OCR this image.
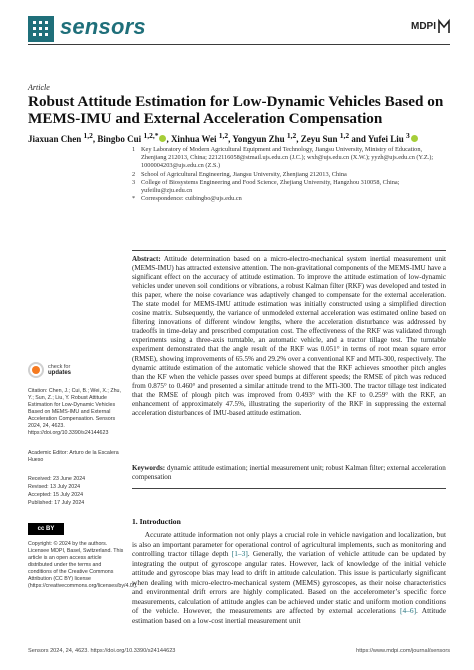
sensors	MDPI
Article
Robust Attitude Estimation for Low-Dynamic Vehicles Based on MEMS-IMU and External Acceleration Compensation
Jiaxuan Chen $^{1,2}$, Bingbo Cui $^{1,2,*}$ , Xinhua Wei $^{1,2}$, Yongyun Zhu $^{1,2}$, Zeyu Sun $^{1,2}$ and Yufei Liu $^3$
1 Key Laboratory of Modern Agricultural Equipment and Technology, Jiangsu University, Ministry of Education, Zhenjiang 212013, China; 2212116058@stmail.ujs.edu.cn (J.C.); wxh@ujs.edu.cn (X.W.); yyzh@ujs.edu.cn (Y.Z.); 1000004203@ujs.edu.cn (Z.S.)
2 School of Agricultural Engineering, Jiangsu University, Zhenjiang 212013, China
3 College of Biosystems Engineering and Food Science, Zhejiang University, Hangzhou 310058, China; yufeiliu@zju.edu.cn
* Correspondence: cuibingbo@ujs.edu.cn
Abstract: Attitude determination based on a micro-electro-mechanical system inertial measurement unit (MEMS-IMU) has attracted extensive attention. The non-gravitational components of the MEMS-IMU have a significant effect on the accuracy of attitude estimation. To improve the attitude estimation of low-dynamic vehicles under uneven soil conditions or vibrations, a robust Kalman filter (RKF) was developed and tested in this paper, where the noise covariance was adaptively changed to compensate for the external acceleration. The state model for MEMS-IMU attitude estimation was initially constructed using a simplified direction cosine matrix. Subsequently, the variance of unmodeled external acceleration was estimated online based on filtering innovations of different window lengths, where the acceleration disturbance was addressed by tradeoffs in time-delay and prescribed computation cost. The effectiveness of the RKF was validated through experiments using a three-axis turntable, an automatic vehicle, and a tractor tillage test. The turntable experiment demonstrated that the angle result of the RKF was 0.051° in terms of root mean square error (RMSE), showing improvements of 65.5% and 29.2% over a conventional KF and MTi-300, respectively. The dynamic attitude estimation of the automatic vehicle showed that the RKF achieves smoother pitch angles than the KF when the vehicle passes over speed bumps at different speeds; the RMSE of pitch was reduced from 0.875° to 0.460° and presented a similar attitude trend to the MTi-300. The tractor tillage test indicated that the RMSE of plough pitch was improved from 0.493° with the KF to 0.259° with the RKF, an enhancement of approximately 47.5%, illustrating the superiority of the RKF in suppressing the external acceleration disturbances of IMU-based attitude estimation.
Keywords: dynamic attitude estimation; inertial measurement unit; robust Kalman filter; external acceleration compensation
check for
updates
Citation: Chen, J.; Cui, B.; Wei, X.; Zhu, Y.; Sun, Z.; Liu, Y. Robust Attitude Estimation for Low-Dynamic Vehicles Based on MEMS-IMU and External Acceleration Compensation. Sensors 2024, 24, 4623. https://doi.org/10.3390/s24144623
Academic Editor: Arturo de la Escalera Hueso
Received: 23 June 2024
Revised: 13 July 2024
Accepted: 15 July 2024
Published: 17 July 2024
cc BY
Copyright: © 2024 by the authors. Licensee MDPI, Basel, Switzerland. This article is an open access article distributed under the terms and conditions of the Creative Commons Attribution (CC BY) license (https://creativecommons.org/licenses/by/4.0/).
1. Introduction
Accurate attitude information not only plays a crucial role in vehicle navigation and localization, but is also an important parameter for operational control of agricultural implements, such as monitoring and controlling tractor tillage depth [1–3]. Generally, the variation of vehicle attitude can be updated by integrating the output of gyroscope angular rates. However, lack of knowledge of the initial vehicle attitude and gyroscope bias may lead to drift in attitude calculation. This issue is particularly significant when dealing with micro-electro-mechanical system (MEMS) gyroscopes, as their noise characteristics and environmental drift errors are highly complicated. Based on the accelerometer’s specific force measurements, calculation of attitude angles can be achieved under static and uniform motion conditions of the vehicle. However, the measurements are affected by external accelerations [4–6]. Attitude estimation based on a low-cost inertial measurement unit
Sensors 2024, 24, 4623. https://doi.org/10.3390/s24144623	https://www.mdpi.com/journal/sensors
